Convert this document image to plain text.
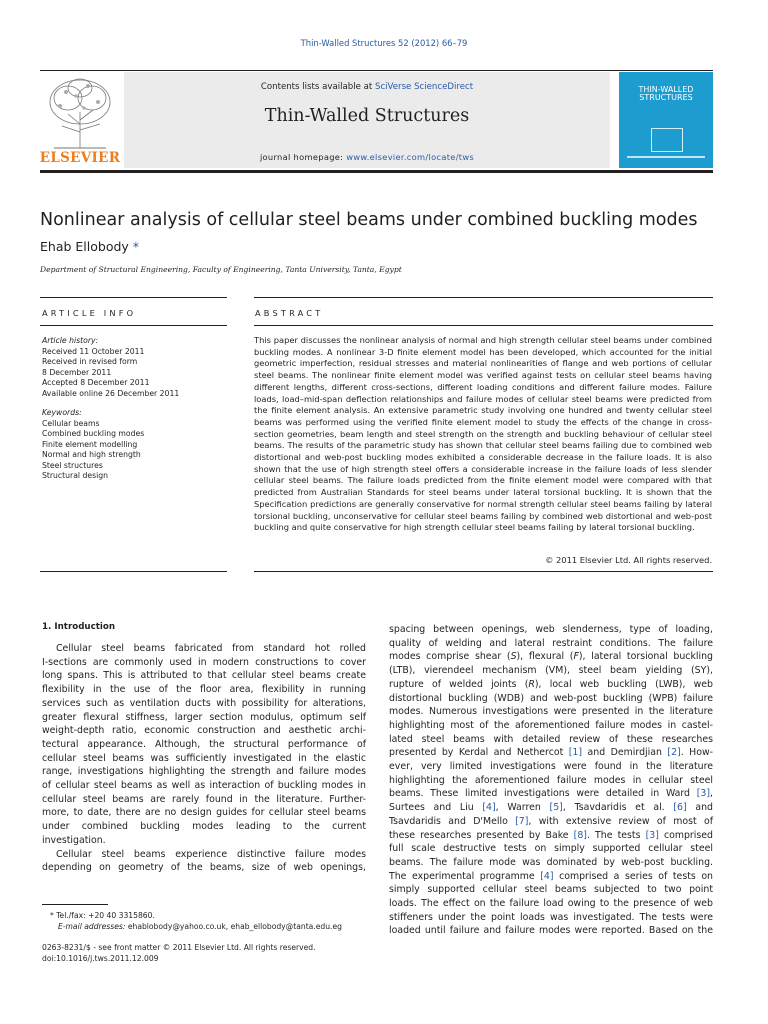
Thin-Walled Structures 52 (2012) 66–79
ELSEVIER
Contents lists available at SciVerse ScienceDirect
Thin-Walled Structures
journal homepage: www.elsevier.com/locate/tws
THIN-WALLED
STRUCTURES
Nonlinear analysis of cellular steel beams under combined buckling modes
Ehab Ellobody *
Department of Structural Engineering, Faculty of Engineering, Tanta University, Tanta, Egypt
ARTICLE INFO	ABSTRACT
Article history:
Received 11 October 2011
Received in revised form
8 December 2011
Accepted 8 December 2011
Available online 26 December 2011
Keywords:
Cellular beams
Combined buckling modes
Finite element modelling
Normal and high strength
Steel structures
Structural design
This paper discusses the nonlinear analysis of normal and high strength cellular steel beams under combined buckling modes. A nonlinear 3-D finite element model has been developed, which accounted for the initial geometric imperfection, residual stresses and material nonlinearities of flange and web portions of cellular steel beams. The nonlinear finite element model was verified against tests on cellular steel beams having different lengths, different cross-sections, different loading conditions and different failure modes. Failure loads, load–mid-span deflection relationships and failure modes of cellular steel beams were predicted from the finite element analysis. An extensive parametric study involving one hundred and twenty cellular steel beams was performed using the verified finite element model to study the effects of the change in cross-section geometries, beam length and steel strength on the strength and buckling behaviour of cellular steel beams. The results of the parametric study has shown that cellular steel beams failing due to combined web distortional and web-post buckling modes exhibited a considerable decrease in the failure loads. It is also shown that the use of high strength steel offers a considerable increase in the failure loads of less slender cellular steel beams. The failure loads predicted from the finite element model were compared with that predicted from Australian Standards for steel beams under lateral torsional buckling. It is shown that the Specification predictions are generally conservative for normal strength cellular steel beams failing by lateral torsional buckling, unconservative for cellular steel beams failing by combined web distortional and web-post buckling and quite conservative for high strength cellular steel beams failing by lateral torsional buckling.
© 2011 Elsevier Ltd. All rights reserved.
1. Introduction
Cellular steel beams fabricated from standard hot rolled
I-sections are commonly used in modern constructions to cover
long spans. This is attributed to that cellular steel beams create
flexibility in the use of the floor area, flexibility in running
services such as ventilation ducts with possibility for alterations,
greater flexural stiffness, larger section modulus, optimum self
weight-depth ratio, economic construction and aesthetic archi-
tectural appearance. Although, the structural performance of
cellular steel beams was sufficiently investigated in the elastic
range, investigations highlighting the strength and failure modes
of cellular steel beams as well as interaction of buckling modes in
cellular steel beams are rarely found in the literature. Further-
more, to date, there are no design guides for cellular steel beams
under combined buckling modes leading to the current
investigation.
Cellular steel beams experience distinctive failure modes
depending on geometry of the beams, size of web openings,
spacing between openings, web slenderness, type of loading,
quality of welding and lateral restraint conditions. The failure
modes comprise shear (S), flexural (F), lateral torsional buckling
(LTB), vierendeel mechanism (VM), steel beam yielding (SY),
rupture of welded joints (R), local web buckling (LWB), web
distortional buckling (WDB) and web-post buckling (WPB) failure
modes. Numerous investigations were presented in the literature
highlighting most of the aforementioned failure modes in castel-
lated steel beams with detailed review of these researches
presented by Kerdal and Nethercot [1] and Demirdjian [2]. How-
ever, very limited investigations were found in the literature
highlighting the aforementioned failure modes in cellular steel
beams. These limited investigations were detailed in Ward [3],
Surtees and Liu [4], Warren [5], Tsavdaridis et al. [6] and
Tsavdaridis and D'Mello [7], with extensive review of most of
these researches presented by Bake [8]. The tests [3] comprised
full scale destructive tests on simply supported cellular steel
beams. The failure mode was dominated by web-post buckling.
The experimental programme [4] comprised a series of tests on
simply supported cellular steel beams subjected to two point
loads. The effect on the failure load owing to the presence of web
stiffeners under the point loads was investigated. The tests were
loaded until failure and failure modes were reported. Based on the
* Tel./fax: +20 40 3315860.
E-mail addresses: ehablobody@yahoo.co.uk, ehab_ellobody@tanta.edu.eg
0263-8231/$ - see front matter © 2011 Elsevier Ltd. All rights reserved.
doi:10.1016/j.tws.2011.12.009
